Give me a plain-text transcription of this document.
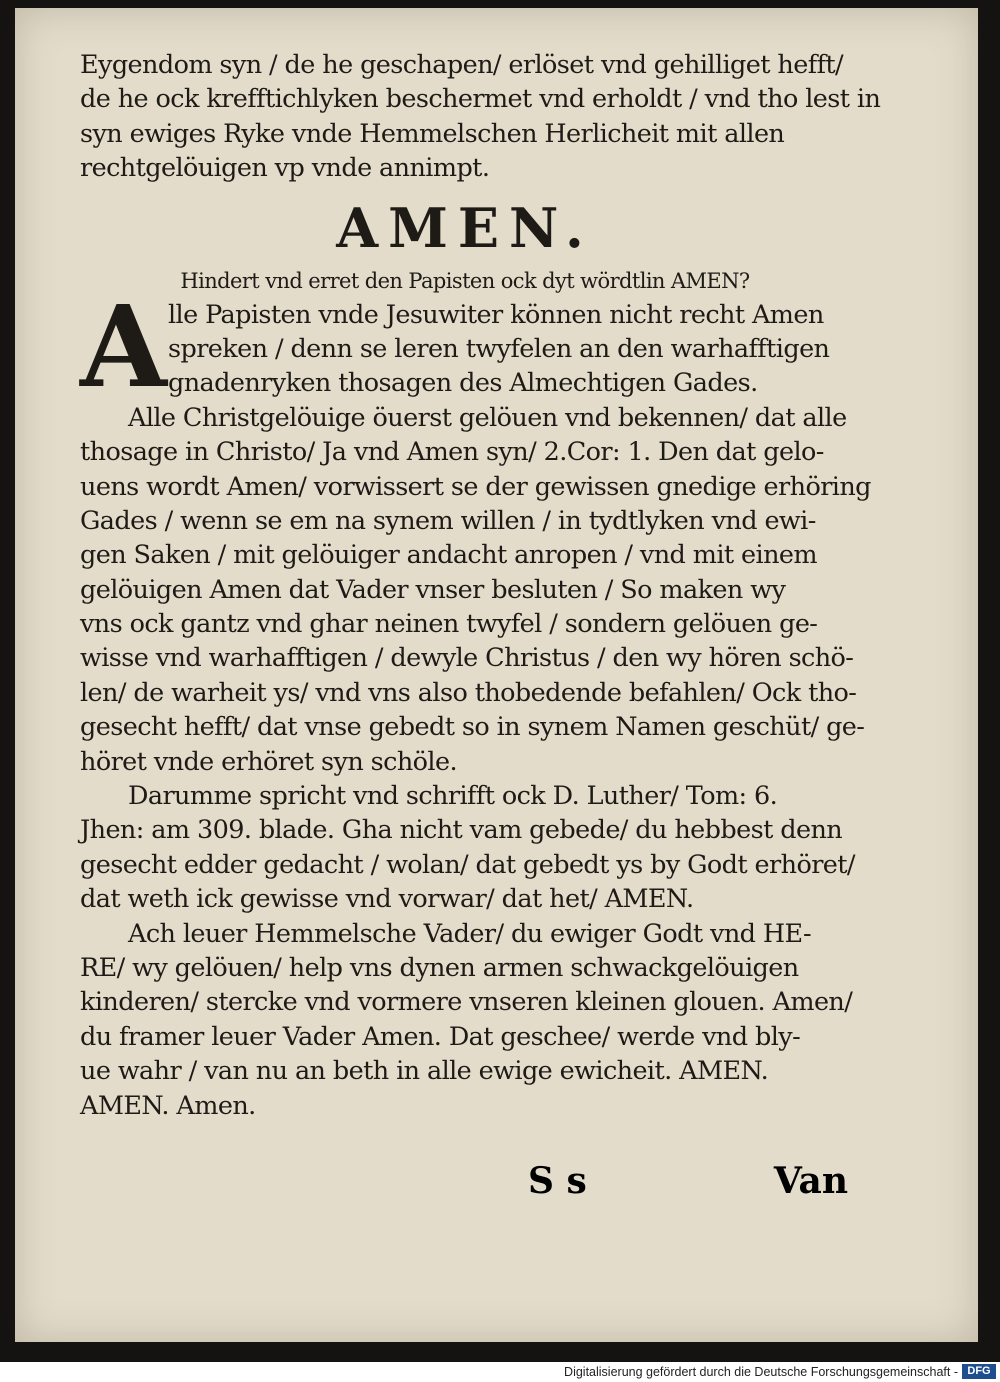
Eygendom syn / de he geschapen/ erlöset vnd gehilliget hefft/
de he ock krefftichlyken beschermet vnd erholdt / vnd tho lest in
syn ewiges Ryke vnde Hemmelschen Herlicheit mit allen
rechtgelöuigen vp vnde annimpt.
AMEN.
Hindert vnd erret den Papisten ock dyt wördtlin AMEN?
A lle Papisten vnde Jesuwiter können nicht recht Amen
spreken / denn se leren twyfelen an den warhafftigen
gnadenryken thosagen des Almechtigen Gades.
Alle Christgelöuige öuerst gelöuen vnd bekennen/ dat alle
thosage in Christo/ Ja vnd Amen syn/ 2.Cor: 1. Den dat gelo-
uens wordt Amen/ vorwissert se der gewissen gnedige erhöring
Gades / wenn se em na synem willen / in tydtlyken vnd ewi-
gen Saken / mit gelöuiger andacht anropen / vnd mit einem
gelöuigen Amen dat Vader vnser besluten / So maken wy
vns ock gantz vnd ghar neinen twyfel / sondern gelöuen ge-
wisse vnd warhafftigen / dewyle Christus / den wy hören schö-
len/ de warheit ys/ vnd vns also thobedende befahlen/ Ock tho-
gesecht hefft/ dat vnse gebedt so in synem Namen geschüt/ ge-
höret vnde erhöret syn schöle.
Darumme spricht vnd schrifft ock D. Luther/ Tom: 6.
Jhen: am 309. blade. Gha nicht vam gebede/ du hebbest denn
gesecht edder gedacht / wolan/ dat gebedt ys by Godt erhöret/
dat weth ick gewisse vnd vorwar/ dat het/ AMEN.
Ach leuer Hemmelsche Vader/ du ewiger Godt vnd HE-
RE/ wy gelöuen/ help vns dynen armen schwackgelöuigen
kinderen/ stercke vnd vormere vnseren kleinen glouen. Amen/
du framer leuer Vader Amen. Dat geschee/ werde vnd bly-
ue wahr / van nu an beth in alle ewige ewicheit. AMEN.
AMEN. Amen.
S s	Van
Digitalisierung gefördert durch die Deutsche Forschungsgemeinschaft - DFG
